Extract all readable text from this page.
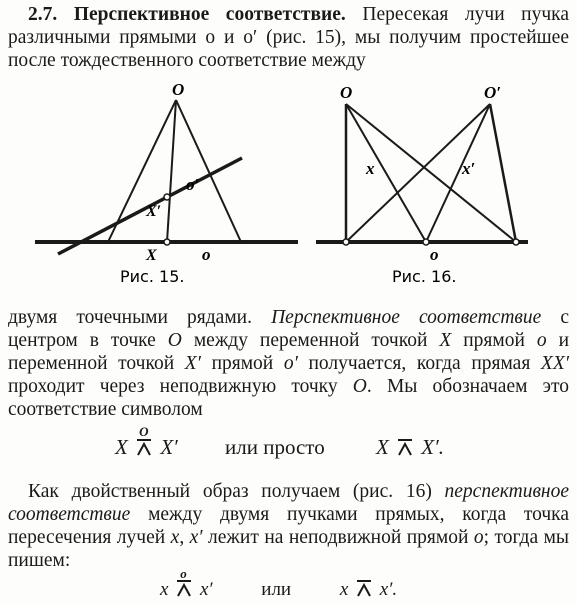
2.7. Перспективное соответствие. Пересекая лучи пучка различными прямыми o и o′ (рис. 15), мы получим простейшее после тождественного соответствие между
O
o′
X′
X	o
Рис. 15.
O	O′
x	x′
o
Рис. 16.
двумя точечными рядами. Перспективное соответствие с центром в точке O между переменной точкой X прямой o и переменной точкой X′ прямой o′ получается, когда прямая XX′ проходит через неподвижную точку O. Мы обозначаем это соответствие символом
X
O
X′ или просто X X′.
Как двойственный образ получаем (рис. 16) перспективное соответствие между двумя пучками прямых, когда точка пересечения лучей x, x′ лежит на неподвижной прямой o; тогда мы пишем:
x
o
x′	или	x x′.
